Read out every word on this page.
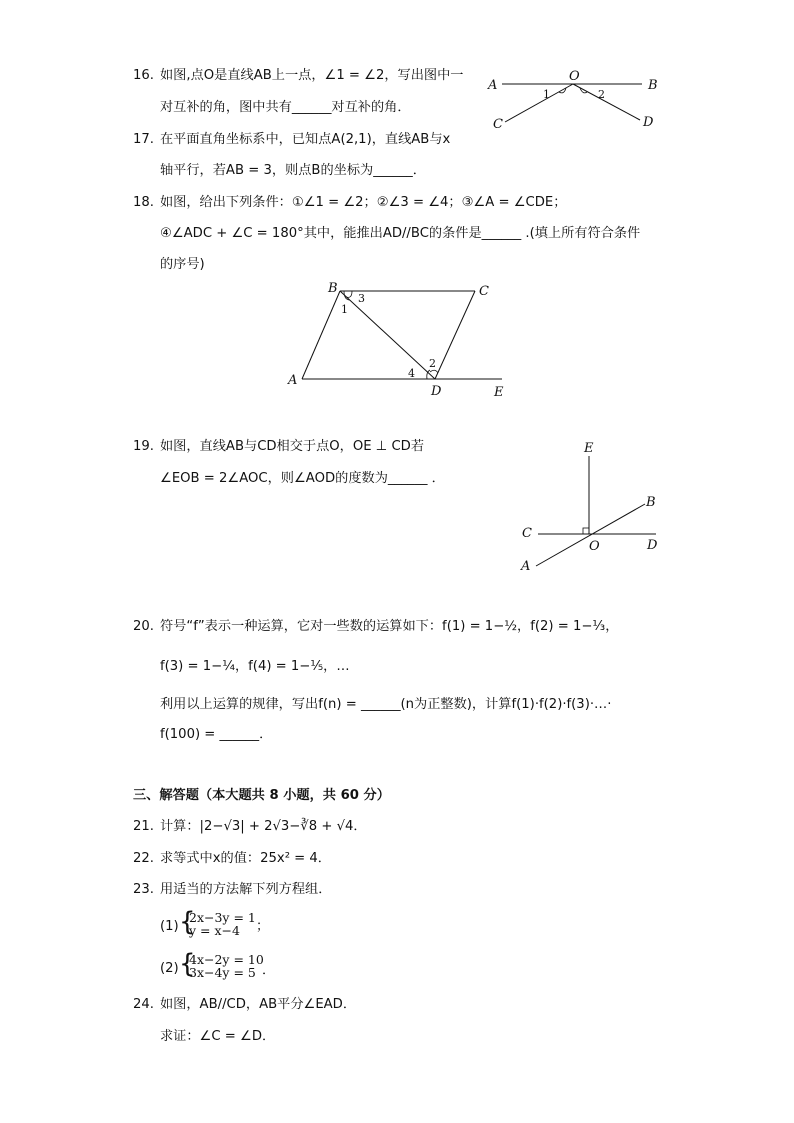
16. 如图,点O是直线AB上一点，∠1 = ∠2，写出图中一
对互补的角，图中共有______对互补的角．
A
O
B
C	D
1	2
17. 在平面直角坐标系中，已知点A(2,1)，直线AB与x
轴平行，若AB = 3，则点B的坐标为______．
18. 如图，给出下列条件：①∠1 = ∠2；②∠3 = ∠4；③∠A = ∠CDE；
④∠ADC + ∠C = 180°其中，能推出AD//BC的条件是______ .(填上所有符合条件
的序号)
B	C
A
D	E
1
2
3
4
19. 如图，直线AB与CD相交于点O，OE ⊥ CD若
∠EOB = 2∠AOC，则∠AOD的度数为______ ．
E
B
C
O	D
A
20. 符号“f”表示一种运算，它对一些数的运算如下：f(1) = 1−½，f(2) = 1−⅓，
f(3) = 1−¼，f(4) = 1−⅕，…
利用以上运算的规律，写出f(n) = ______(n为正整数)，计算f(1)·f(2)·f(3)·…·
f(100) = ______．
三、解答题（本大题共 8 小题，共 60 分）
21. 计算：|2−√3| + 2√3−∛8 + √4．
22. 求等式中x的值：25x² = 4．
23. 用适当的方法解下列方程组．
(1) {
2x−3y = 1
y = x−4	；
(2) {
4x−2y = 10
3x−4y = 5 ．
24. 如图，AB//CD，AB平分∠EAD．
求证：∠C = ∠D．
